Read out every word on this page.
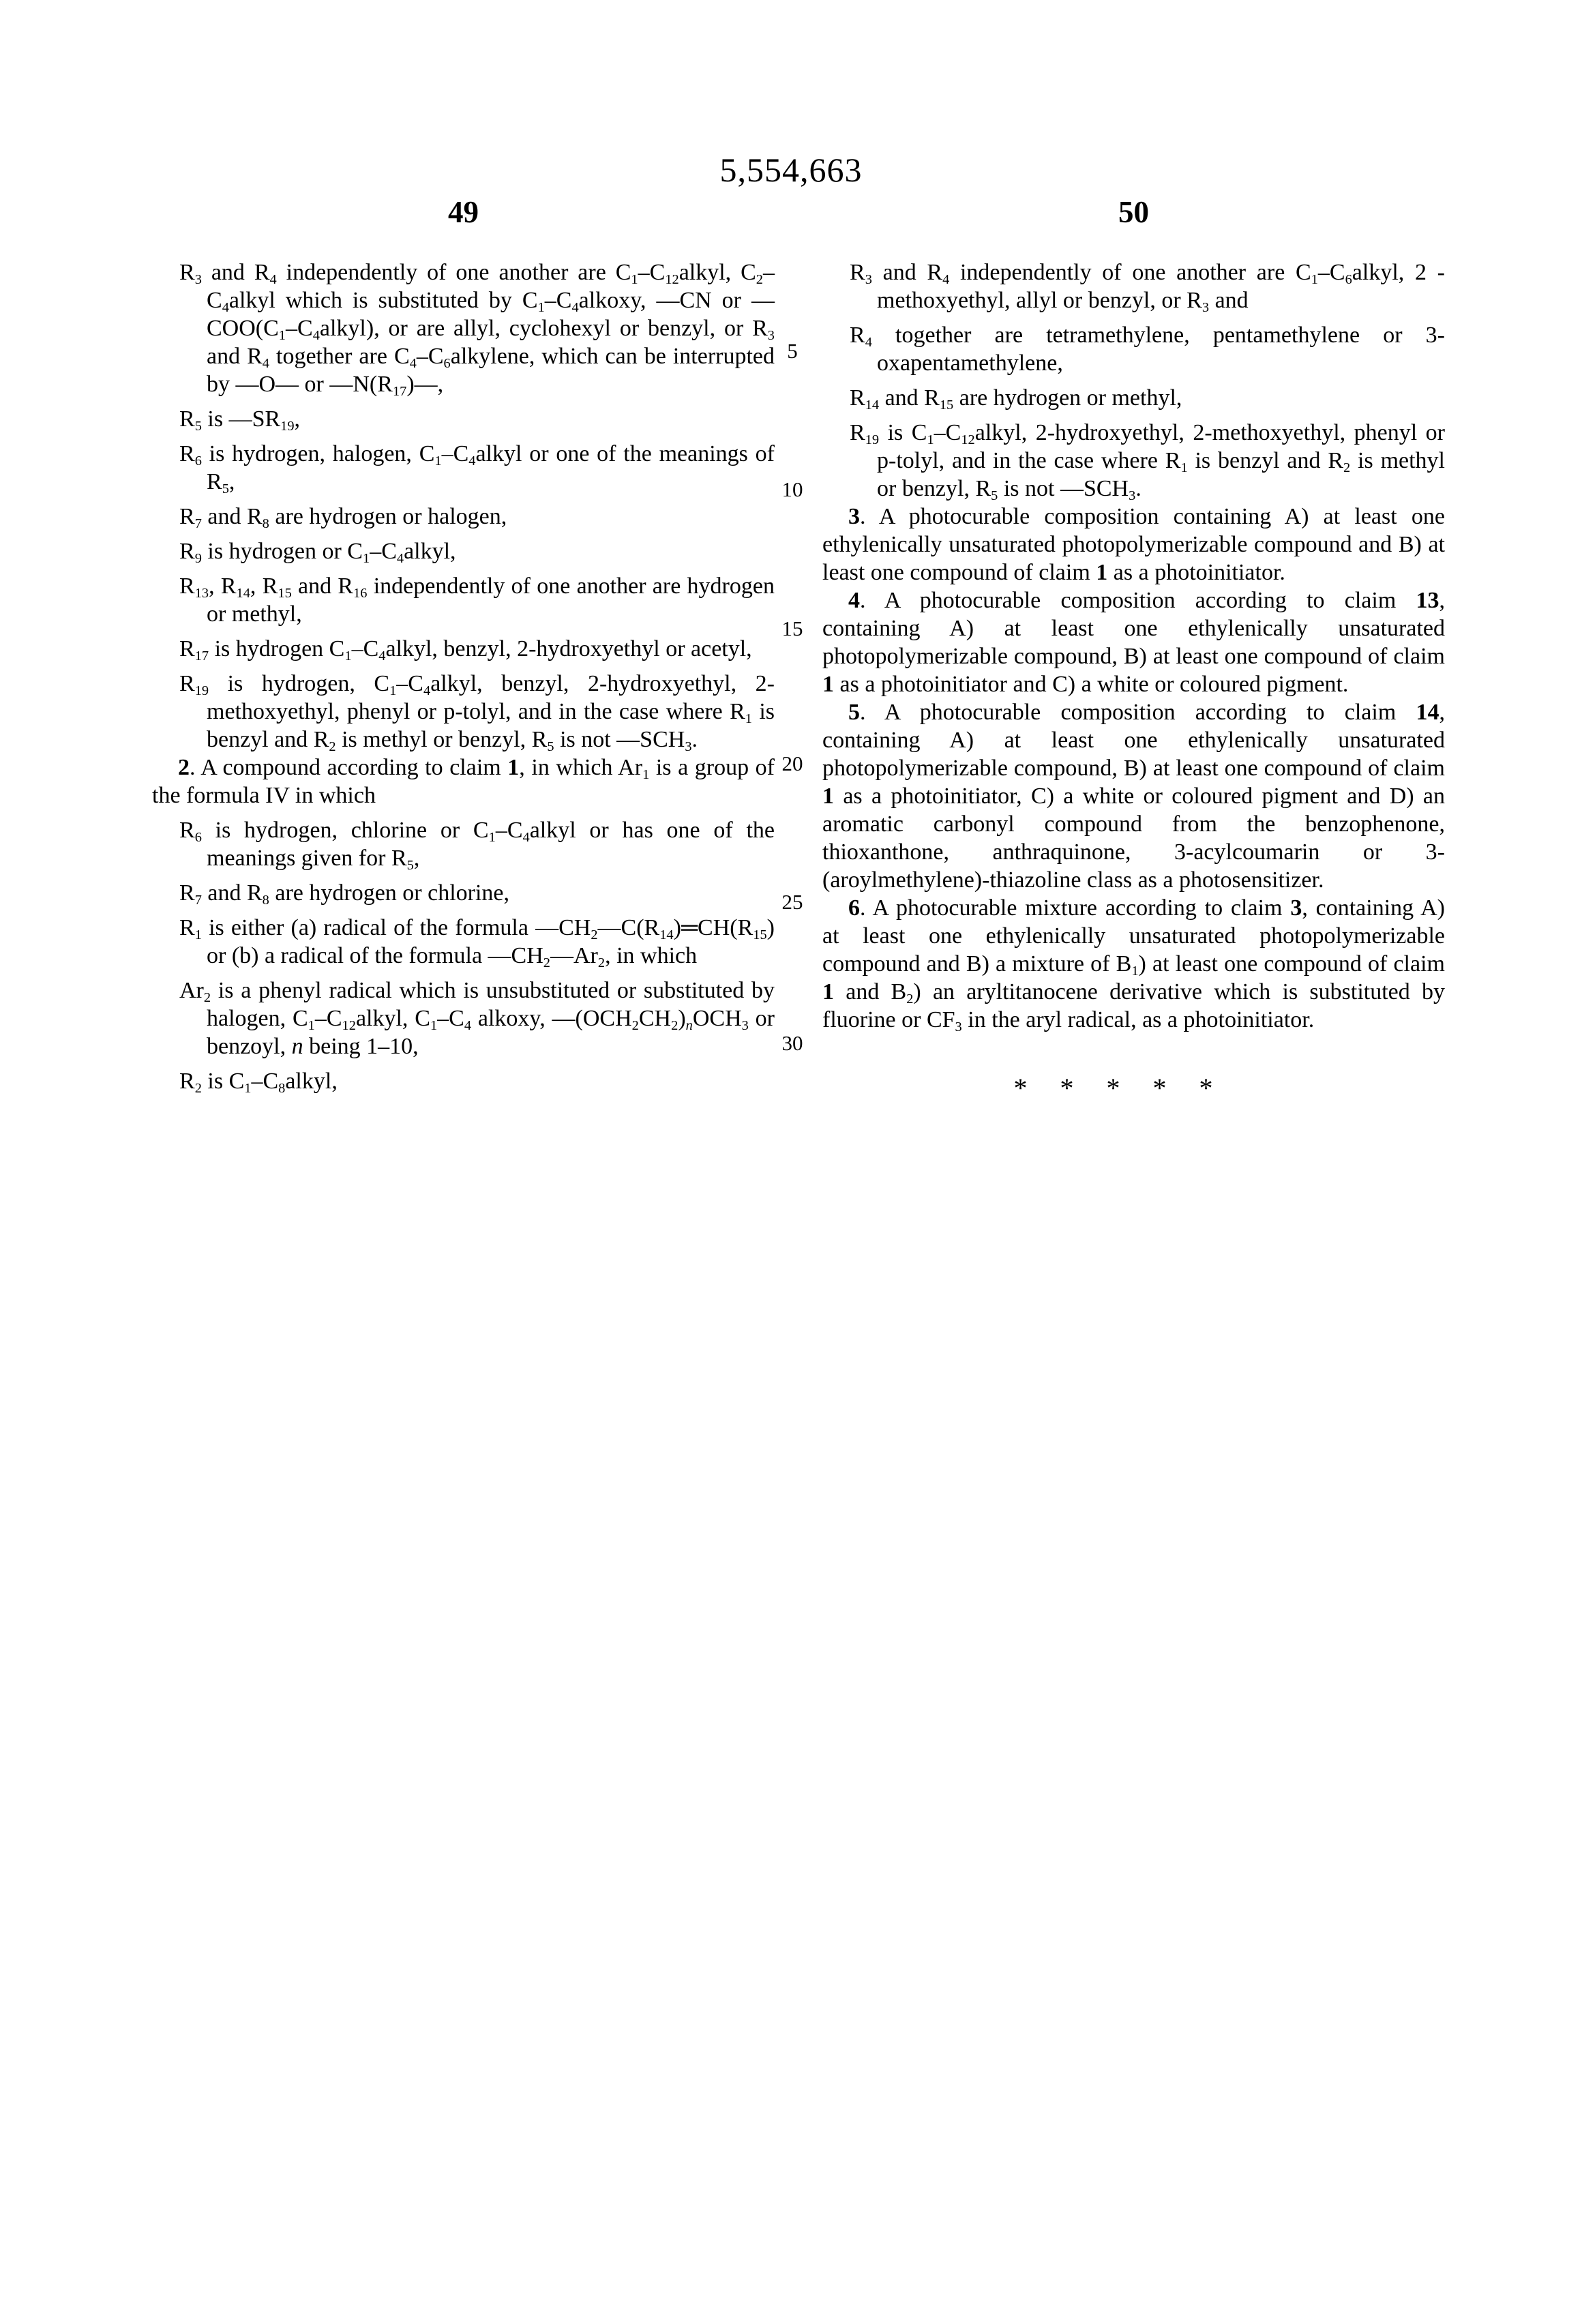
5,554,663
49
$R_3$ and $R_4$ independently of one another are $C_1-C_{12}alkyl$, $C_2-C_4alkyl$ which is substituted by $C_1-C_4alkoxy$, —CN or $—COO(C_1-C_4alkyl)$, or are allyl, cyclohexyl or benzyl, or $R_3$ and $R_4$ together are $C_4-C_6alkylene$, which can be interrupted by —O— or $—N(R_{17})—$,
$R_5$ is $—SR_{19}$,
$R_6$ is hydrogen, halogen, $C_1-C_4alkyl$ or one of the meanings of $R_5$,
$R_7$ and $R_8$ are hydrogen or halogen,
$R_9$ is hydrogen or $C_1-C_4alkyl$,
$R_{13}$, $R_{14}$, $R_{15}$ and $R_{16}$ independently of one another are hydrogen or methyl,
$R_{17}$ is hydrogen $C_1-C_4alkyl$, benzyl, 2-hydroxyethyl or acetyl,
$R_{19}$ is hydrogen, $C_1-C_4alkyl$, benzyl, 2-hydroxyethyl, 2-methoxyethyl, phenyl or p-tolyl, and in the case where $R_1$ is benzyl and $R_2$ is methyl or benzyl, $R_5$ is not $—SCH_3$.
2. A compound according to claim 1, in which $Ar_1$ is a group of the formula IV in which
$R_6$ is hydrogen, chlorine or $C_1-C_4alkyl$ or has one of the meanings given for $R_5$,
$R_7$ and $R_8$ are hydrogen or chlorine,
$R_1$ is either (a) radical of the formula $—CH_2—C(R_{14})═CH(R_{15})$ or (b) a radical of the formula $—CH_2—Ar_2$, in which
$Ar_2$ is a phenyl radical which is unsubstituted or substituted by halogen, $C_1-C_{12}alkyl$, $C_1-C_4$ alkoxy, $—(OCH_2CH_2)_nOCH_3$ or benzoyl, n being 1–10,
$R_2$ is $C_1-C_8alkyl$,
50
$R_3$ and $R_4$ independently of one another are $C_1-C_6alkyl$, 2 -methoxyethyl, allyl or benzyl, or $R_3$ and
$R_4$ together are tetramethylene, pentamethylene or 3-oxapentamethylene,
$R_{14}$ and $R_{15}$ are hydrogen or methyl,
$R_{19}$ is $C_1-C_{12}alkyl$, 2-hydroxyethyl, 2-methoxyethyl, phenyl or p-tolyl, and in the case where $R_1$ is benzyl and $R_2$ is methyl or benzyl, $R_5$ is not $—SCH_3$.
3. A photocurable composition containing A) at least one ethylenically unsaturated photopolymerizable compound and B) at least one compound of claim 1 as a photoinitiator.
4. A photocurable composition according to claim 13, containing A) at least one ethylenically unsaturated photopolymerizable compound, B) at least one compound of claim 1 as a photoinitiator and C) a white or coloured pigment.
5. A photocurable composition according to claim 14, containing A) at least one ethylenically unsaturated photopolymerizable compound, B) at least one compound of claim 1 as a photoinitiator, C) a white or coloured pigment and D) an aromatic carbonyl compound from the benzophenone, thioxanthone, anthraquinone, 3-acylcoumarin or 3-(aroylmethylene)-thiazoline class as a photosensitizer.
6. A photocurable mixture according to claim 3, containing A) at least one ethylenically unsaturated photopolymerizable compound and B) a mixture of $B_1$) at least one compound of claim 1 and $B_2$) an aryltitanocene derivative which is substituted by fluorine or $CF_3$ in the aryl radical, as a photoinitiator.
* * * * *
5
10
15
20
25
30
